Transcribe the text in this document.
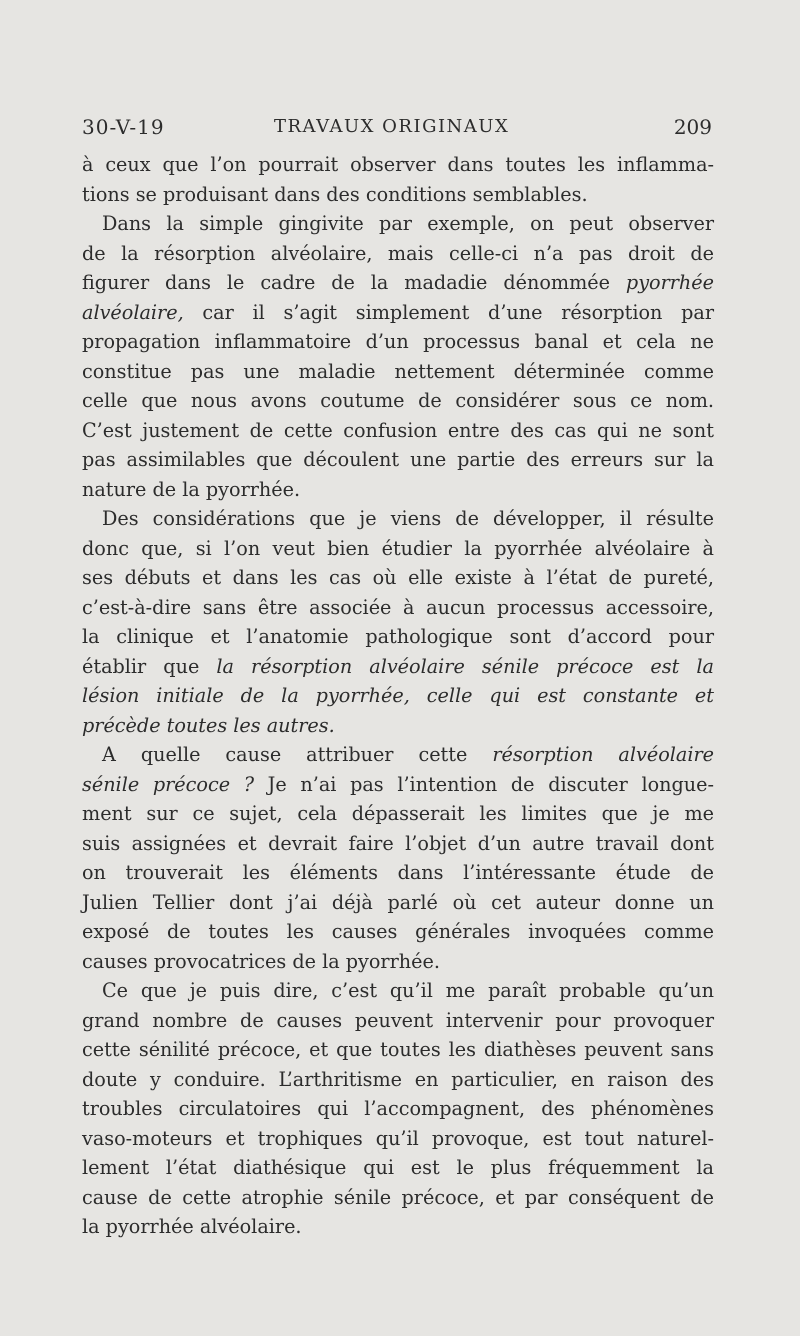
30-V-19	TRAVAUX ORIGINAUX	209
à ceux que l’on pourrait observer dans toutes les inflamma-
tions se produisant dans des conditions semblables.
Dans la simple gingivite par exemple, on peut observer
de la résorption alvéolaire, mais celle-ci n’a pas droit de
figurer dans le cadre de la madadie dénommée pyorrhée
alvéolaire, car il s’agit simplement d’une résorption par
propagation inflammatoire d’un processus banal et cela ne
constitue pas une maladie nettement déterminée comme
celle que nous avons coutume de considérer sous ce nom.
C’est justement de cette confusion entre des cas qui ne sont
pas assimilables que découlent une partie des erreurs sur la
nature de la pyorrhée.
Des considérations que je viens de développer, il résulte
donc que, si l’on veut bien étudier la pyorrhée alvéolaire à
ses débuts et dans les cas où elle existe à l’état de pureté,
c’est-à-dire sans être associée à aucun processus accessoire,
la clinique et l’anatomie pathologique sont d’accord pour
établir que la résorption alvéolaire sénile précoce est la
lésion initiale de la pyorrhée, celle qui est constante et
précède toutes les autres.
A quelle cause attribuer cette résorption alvéolaire
sénile précoce ? Je n’ai pas l’intention de discuter longue-
ment sur ce sujet, cela dépasserait les limites que je me
suis assignées et devrait faire l’objet d’un autre travail dont
on trouverait les éléments dans l’intéressante étude de
Julien Tellier dont j’ai déjà parlé où cet auteur donne un
exposé de toutes les causes générales invoquées comme
causes provocatrices de la pyorrhée.
Ce que je puis dire, c’est qu’il me paraît probable qu’un
grand nombre de causes peuvent intervenir pour provoquer
cette sénilité précoce, et que toutes les diathèses peuvent sans
doute y conduire. L’arthritisme en particulier, en raison des
troubles circulatoires qui l’accompagnent, des phénomènes
vaso-moteurs et trophiques qu’il provoque, est tout naturel-
lement l’état diathésique qui est le plus fréquemment la
cause de cette atrophie sénile précoce, et par conséquent de
la pyorrhée alvéolaire.
